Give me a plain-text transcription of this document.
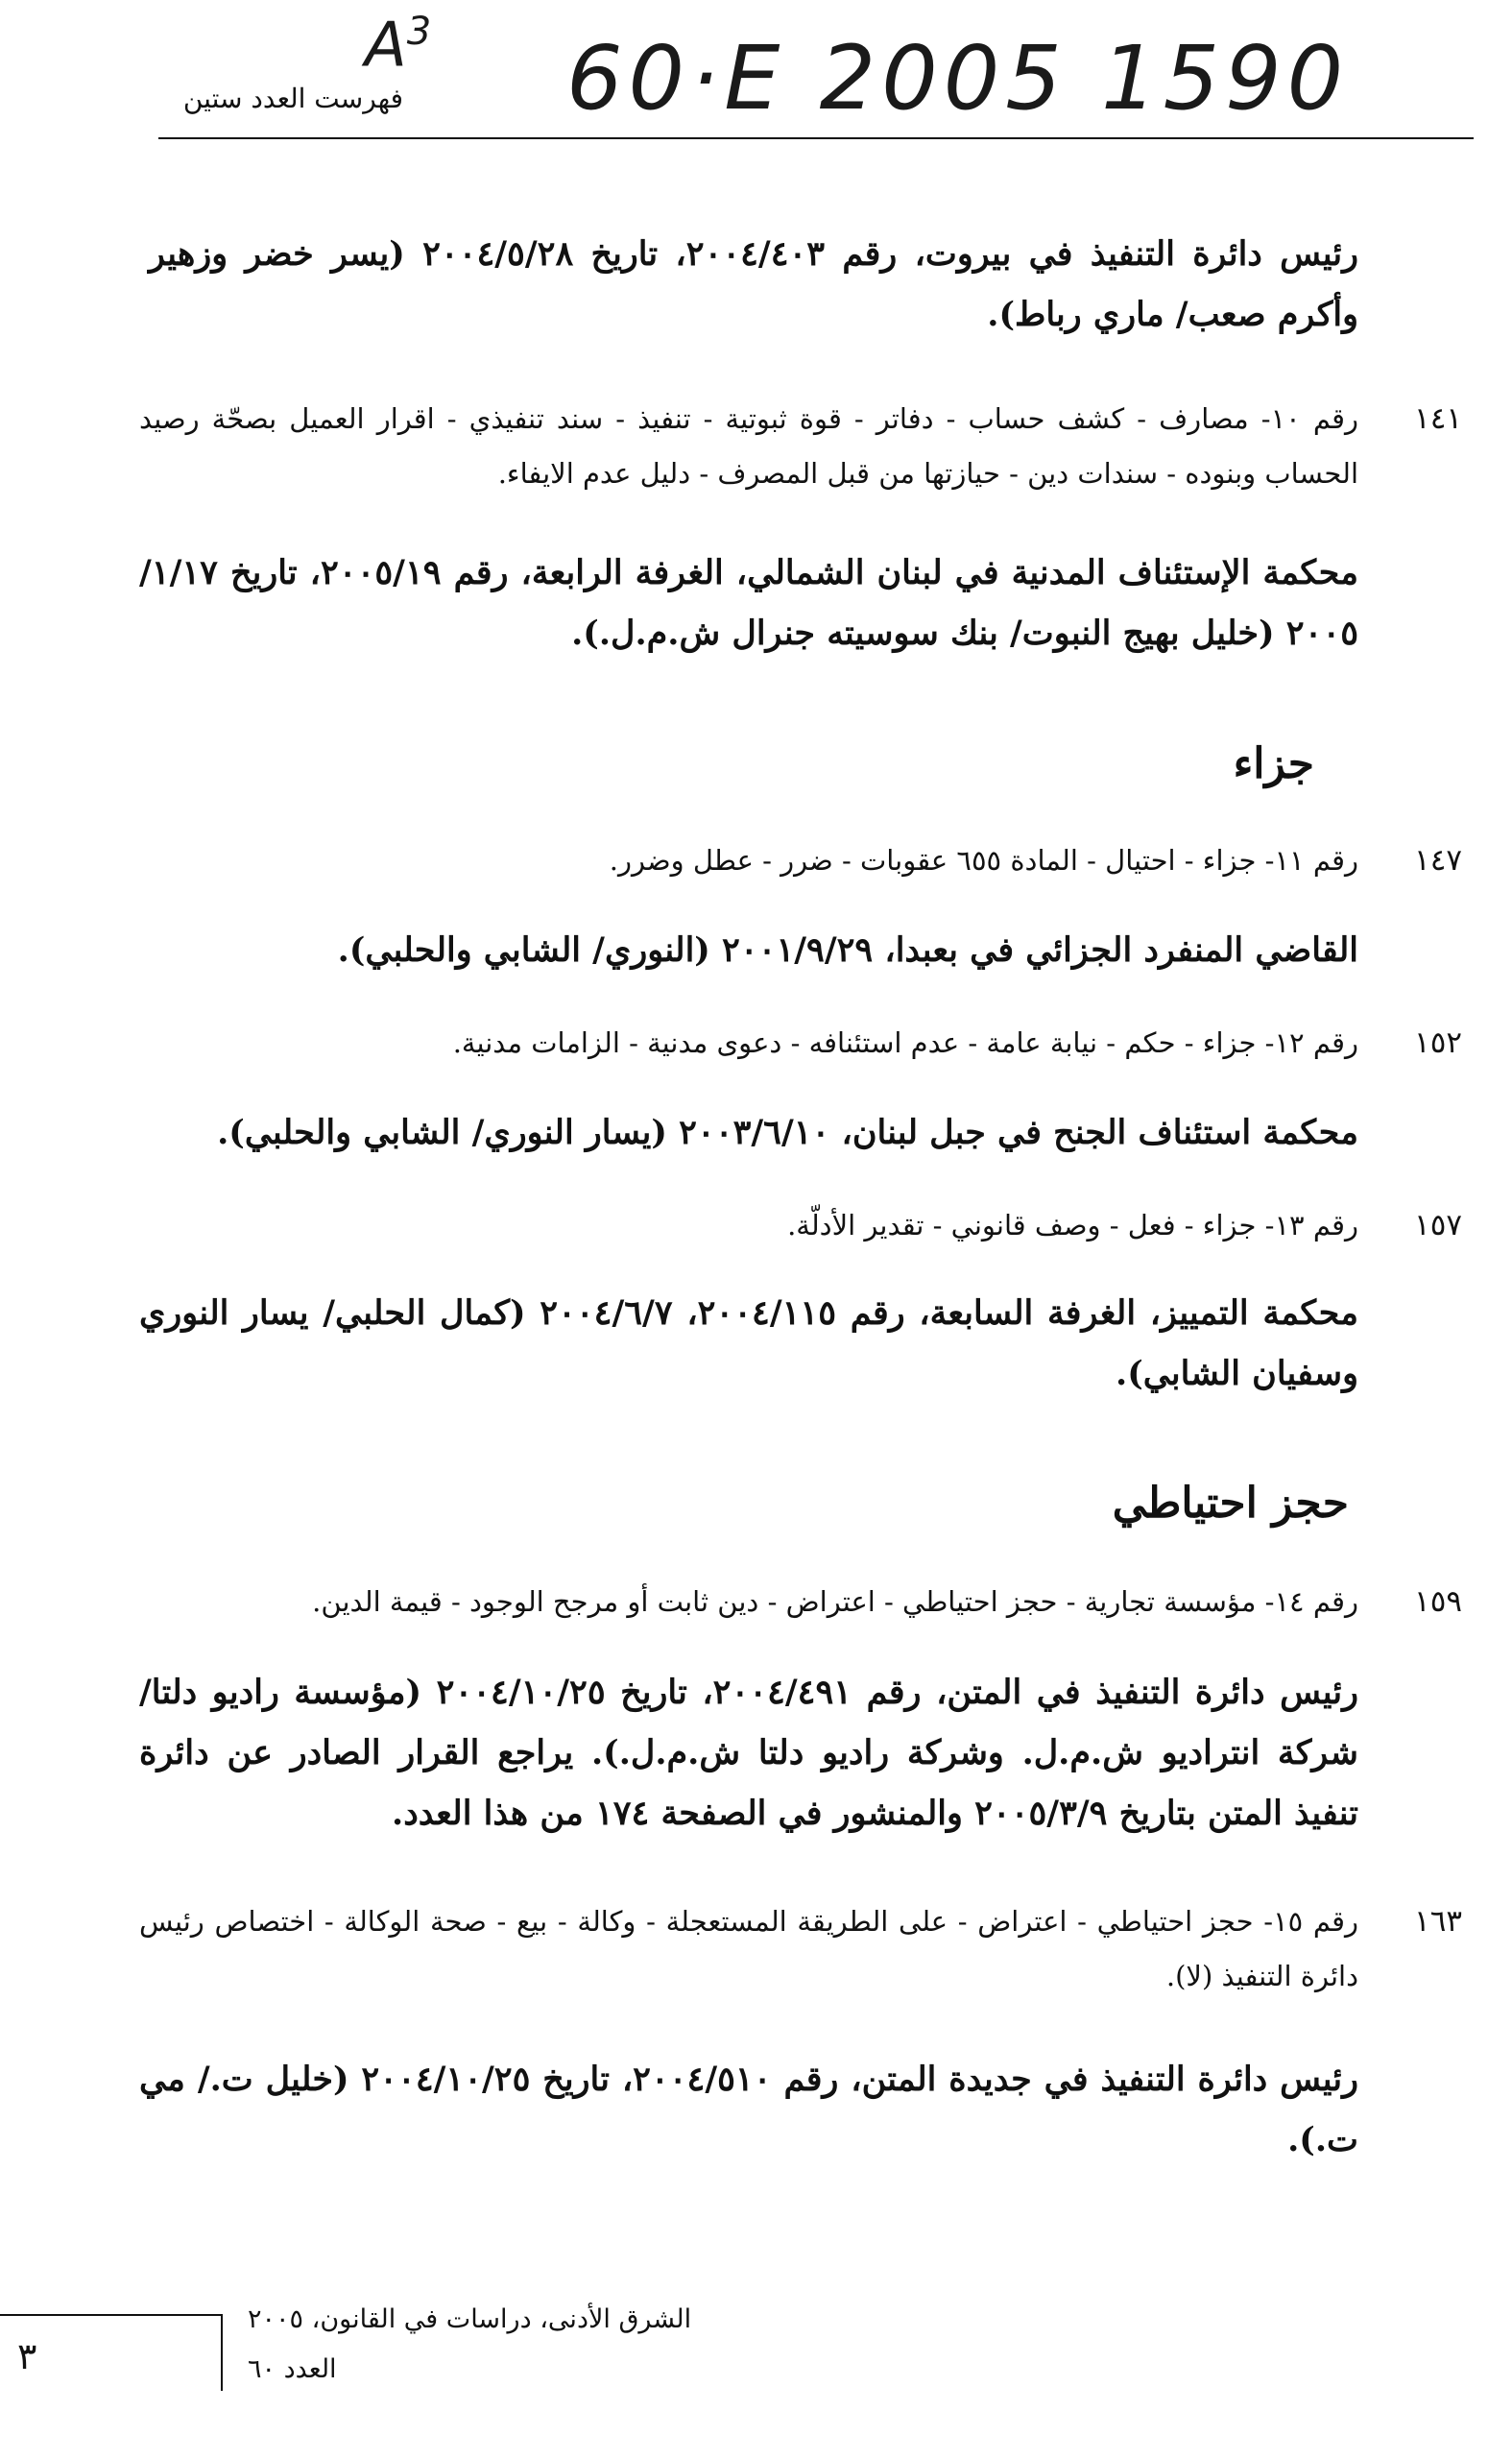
$A^3$ 60·E 2005 1590
فهرست العدد ستين
رئيس دائرة التنفيذ في بيروت، رقم ٢٠٠٤/٤٠٣، تاريخ ٢٠٠٤/٥/٢٨ (يسر خضر وزهير وأكرم صعب/ ماري رباط).
١٤١
رقم ١٠- مصارف - كشف حساب - دفاتر - قوة ثبوتية - تنفيذ - سند تنفيذي - اقرار العميل بصحّة رصيد الحساب وبنوده - سندات دين - حيازتها من قبل المصرف - دليل عدم الايفاء.
محكمة الإستئناف المدنية في لبنان الشمالي، الغرفة الرابعة، رقم ٢٠٠٥/١٩، تاريخ ١/١٧/ ٢٠٠٥ (خليل بهيج النبوت/ بنك سوسيته جنرال ش.م.ل.).
جزاء
١٤٧
رقم ١١- جزاء - احتيال - المادة ٦٥٥ عقوبات - ضرر - عطل وضرر.
القاضي المنفرد الجزائي في بعبدا، ٢٠٠١/٩/٢٩ (النوري/ الشابي والحلبي).
١٥٢
رقم ١٢- جزاء - حكم - نيابة عامة - عدم استئنافه - دعوى مدنية - الزامات مدنية.
محكمة استئناف الجنح في جبل لبنان، ٢٠٠٣/٦/١٠ (يسار النوري/ الشابي والحلبي).
١٥٧
رقم ١٣- جزاء - فعل - وصف قانوني - تقدير الأدلّة.
محكمة التمييز، الغرفة السابعة، رقم ٢٠٠٤/١١٥، ٢٠٠٤/٦/٧ (كمال الحلبي/ يسار النوري وسفيان الشابي).
حجز احتياطي
١٥٩
رقم ١٤- مؤسسة تجارية - حجز احتياطي - اعتراض - دين ثابت أو مرجح الوجود - قيمة الدين.
رئيس دائرة التنفيذ في المتن، رقم ٢٠٠٤/٤٩١، تاريخ ٢٠٠٤/١٠/٢٥ (مؤسسة راديو دلتا/ شركة انتراديو ش.م.ل. وشركة راديو دلتا ش.م.ل.). يراجع القرار الصادر عن دائرة تنفيذ المتن بتاريخ ٢٠٠٥/٣/٩ والمنشور في الصفحة ١٧٤ من هذا العدد.
١٦٣
رقم ١٥- حجز احتياطي - اعتراض - على الطريقة المستعجلة - وكالة - بيع - صحة الوكالة - اختصاص رئيس دائرة التنفيذ (لا).
رئيس دائرة التنفيذ في جديدة المتن، رقم ٢٠٠٤/٥١٠، تاريخ ٢٠٠٤/١٠/٢٥ (خليل ت./ مي ت.).
٣
الشرق الأدنى، دراسات في القانون، ٢٠٠٥
العدد ٦٠
